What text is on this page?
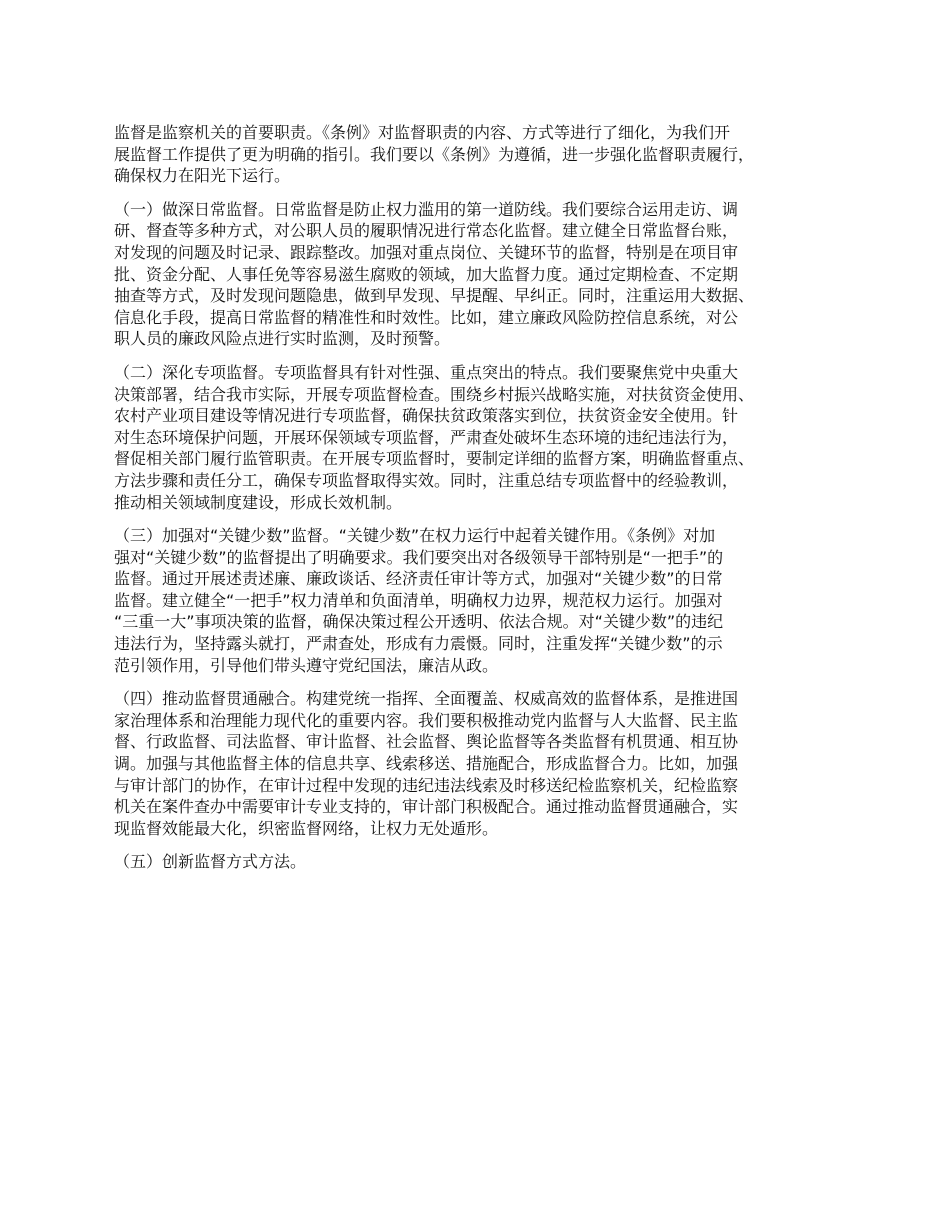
监督是监察机关的首要职责。《条例》对监督职责的内容、方式等进行了细化，为我们开
展监督工作提供了更为明确的指引。我们要以《条例》为遵循，进一步强化监督职责履行，
确保权力在阳光下运行。

（一）做深日常监督。日常监督是防止权力滥用的第一道防线。我们要综合运用走访、调
研、督查等多种方式，对公职人员的履职情况进行常态化监督。建立健全日常监督台账，
对发现的问题及时记录、跟踪整改。加强对重点岗位、关键环节的监督，特别是在项目审
批、资金分配、人事任免等容易滋生腐败的领域，加大监督力度。通过定期检查、不定期
抽查等方式，及时发现问题隐患，做到早发现、早提醒、早纠正。同时，注重运用大数据、
信息化手段，提高日常监督的精准性和时效性。比如，建立廉政风险防控信息系统，对公
职人员的廉政风险点进行实时监测，及时预警。

（二）深化专项监督。专项监督具有针对性强、重点突出的特点。我们要聚焦党中央重大
决策部署，结合我市实际，开展专项监督检查。围绕乡村振兴战略实施，对扶贫资金使用、
农村产业项目建设等情况进行专项监督，确保扶贫政策落实到位，扶贫资金安全使用。针
对生态环境保护问题，开展环保领域专项监督，严肃查处破坏生态环境的违纪违法行为，
督促相关部门履行监管职责。在开展专项监督时，要制定详细的监督方案，明确监督重点、
方法步骤和责任分工，确保专项监督取得实效。同时，注重总结专项监督中的经验教训，
推动相关领域制度建设，形成长效机制。

（三）加强对“关键少数”监督。“关键少数”在权力运行中起着关键作用。《条例》对加
强对“关键少数”的监督提出了明确要求。我们要突出对各级领导干部特别是“一把手”的
监督。通过开展述责述廉、廉政谈话、经济责任审计等方式，加强对“关键少数”的日常
监督。建立健全“一把手”权力清单和负面清单，明确权力边界，规范权力运行。加强对
“三重一大”事项决策的监督，确保决策过程公开透明、依法合规。对“关键少数”的违纪
违法行为，坚持露头就打，严肃查处，形成有力震慑。同时，注重发挥“关键少数”的示
范引领作用，引导他们带头遵守党纪国法，廉洁从政。

（四）推动监督贯通融合。构建党统一指挥、全面覆盖、权威高效的监督体系，是推进国
家治理体系和治理能力现代化的重要内容。我们要积极推动党内监督与人大监督、民主监
督、行政监督、司法监督、审计监督、社会监督、舆论监督等各类监督有机贯通、相互协
调。加强与其他监督主体的信息共享、线索移送、措施配合，形成监督合力。比如，加强
与审计部门的协作，在审计过程中发现的违纪违法线索及时移送纪检监察机关，纪检监察
机关在案件查办中需要审计专业支持的，审计部门积极配合。通过推动监督贯通融合，实
现监督效能最大化，织密监督网络，让权力无处遁形。

（五）创新监督方式方法。
